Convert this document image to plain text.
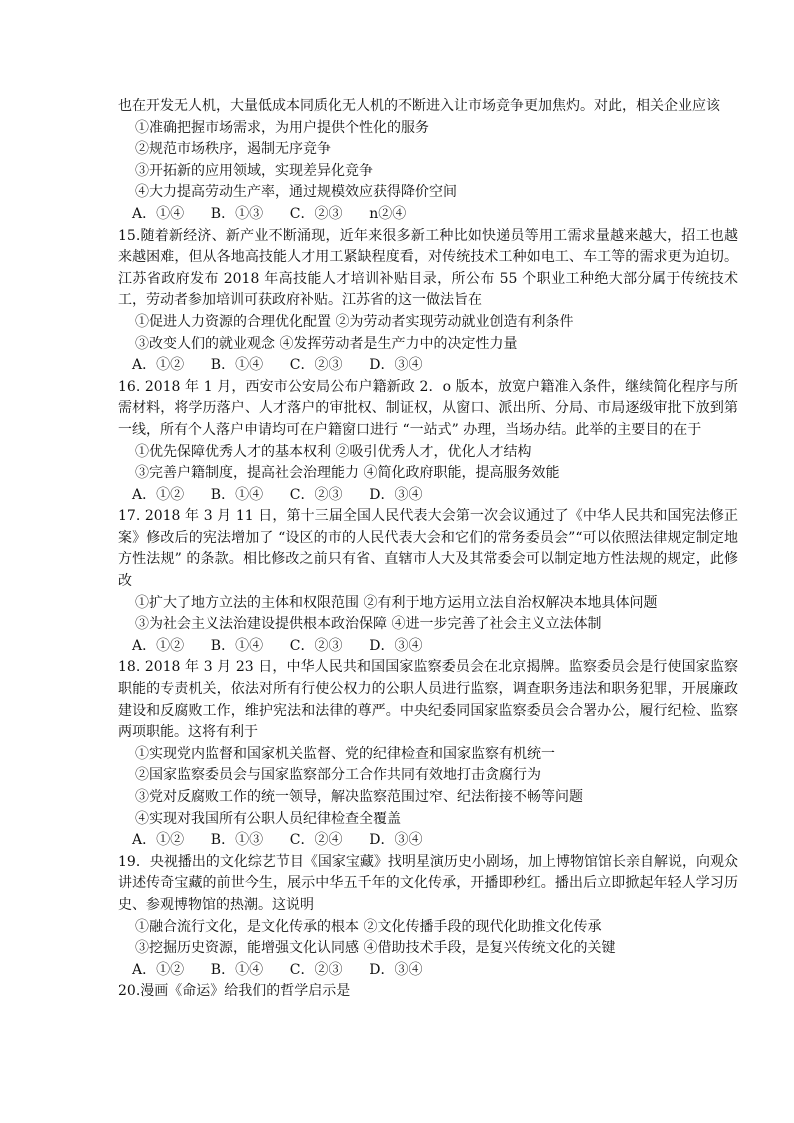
也在开发无人机，大量低成本同质化无人机的不断进入让市场竞争更加焦灼。对此，相关企业应该

①准确把握市场需求，为用户提供个性化的服务

②规范市场秩序，遏制无序竞争

③开拓新的应用领域，实现差异化竞争

④大力提高劳动生产率，通过规模效应获得降价空间

A．①④      B．①③      C．②③      n②④

15.随着新经济、新产业不断涌现，近年来很多新工种比如快递员等用工需求量越来越大，招工也越来越困难，但从各地高技能人才用工紧缺程度看，对传统技术工种如电工、车工等的需求更为迫切。江苏省政府发布 2018 年高技能人才培训补贴目录，所公布 55 个职业工种绝大部分属于传统技术工，劳动者参加培训可获政府补贴。江苏省的这一做法旨在

①促进人力资源的合理优化配置 ②为劳动者实现劳动就业创造有利条件

③改变人们的就业观念 ④发挥劳动者是生产力中的决定性力量

A．①②      B．①④      C．②③      D．③④

16. 2018 年 1 月，西安市公安局公布户籍新政 2．o 版本，放宽户籍准入条件，继续简化程序与所需材料，将学历落户、人才落户的审批权、制证权，从窗口、派出所、分局、市局逐级审批下放到第一线，所有个人落户申请均可在户籍窗口进行 “一站式” 办理，当场办结。此举的主要目的在于

①优先保障优秀人才的基本权利 ②吸引优秀人才，优化人才结构

③完善户籍制度，提高社会治理能力 ④简化政府职能，提高服务效能

A．①②      B．①④      C．②③      D．③④

17. 2018 年 3 月 11 日，第十三届全国人民代表大会第一次会议通过了《中华人民共和国宪法修正案》修改后的宪法增加了 “设区的市的人民代表大会和它们的常务委员会”“可以依照法律规定制定地方性法规” 的条款。相比修改之前只有省、直辖市人大及其常委会可以制定地方性法规的规定，此修改

①扩大了地方立法的主体和权限范围 ②有利于地方运用立法自治权解决本地具体问题

③为社会主义法治建设提供根本政治保障 ④进一步完善了社会主义立法体制

A．①②      B．①④      C．②③      D．③④

18. 2018 年 3 月 23 日，中华人民共和国国家监察委员会在北京揭牌。监察委员会是行使国家监察职能的专责机关，依法对所有行使公权力的公职人员进行监察，调查职务违法和职务犯罪，开展廉政建设和反腐败工作，维护宪法和法律的尊严。中央纪委同国家监察委员会合署办公，履行纪检、监察两项职能。这将有利于

①实现党内监督和国家机关监督、党的纪律检查和国家监察有机统一

②国家监察委员会与国家监察部分工合作共同有效地打击贪腐行为

③党对反腐败工作的统一领导，解决监察范围过窄、纪法衔接不畅等问题

④实现对我国所有公职人员纪律检查全覆盖

A．①②      B．①③      C．②④      D．③④

19．央视播出的文化综艺节目《国家宝藏》找明星演历史小剧场，加上博物馆馆长亲自解说，向观众讲述传奇宝藏的前世今生，展示中华五千年的文化传承，开播即秒红。播出后立即掀起年轻人学习历史、参观博物馆的热潮。这说明

①融合流行文化，是文化传承的根本 ②文化传播手段的现代化助推文化传承

③挖掘历史资源，能增强文化认同感 ④借助技术手段，是复兴传统文化的关键

A．①②      B．①④      C．②③      D．③④

20.漫画《命运》给我们的哲学启示是
